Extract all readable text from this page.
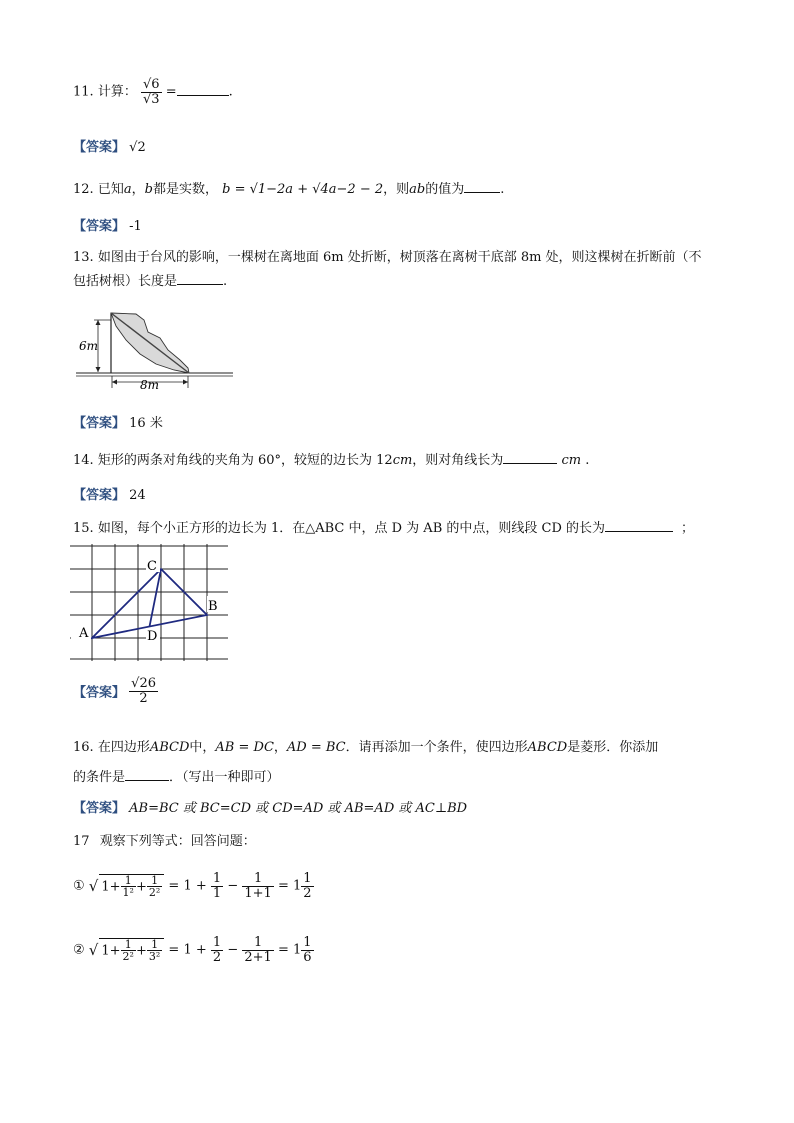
11. 计算： $\frac{√6}{√3}$ =	.
【答案】 √2
12. 已知a，b都是实数， b = √1−2a + √4a−2 − 2，则ab的值为	.
【答案】 -1
13. 如图由于台风的影响，一棵树在离地面 6m 处折断，树顶落在离树干底部 8m 处，则这棵树在折断前（不
包括树根）长度是	.
6m
8m
【答案】 16 米
14. 矩形的两条对角线的夹角为 60°，较短的边长为 12cm，则对角线长为	cm .
【答案】 24
15. 如图，每个小正方形的边长为 1．在△ABC 中，点 D 为 AB 的中点，则线段 CD 的长为	；
A
B
C
D
【答案】 $\frac{√26}{2}$
16. 在四边形ABCD中，AB = DC，AD = BC．请再添加一个条件，使四边形ABCD是菱形．你添加
的条件是	．（写出一种即可）
【答案】 AB=BC 或 BC=CD 或 CD=AD 或 AB=AD 或 AC⊥BD
17 观察下列等式：回答问题：
① $√1+ \frac{1}{\text{1²}} + \frac{1}{\text{2²}} = 1 + \frac{1}{1} - \frac{1}{1+1} = 1 \frac{1}{2}$
② $√1+ \frac{1}{\text{2²}} + \frac{1}{\text{3²}} = 1 + \frac{1}{2} - \frac{1}{2+1} = 1 \frac{1}{6}$
